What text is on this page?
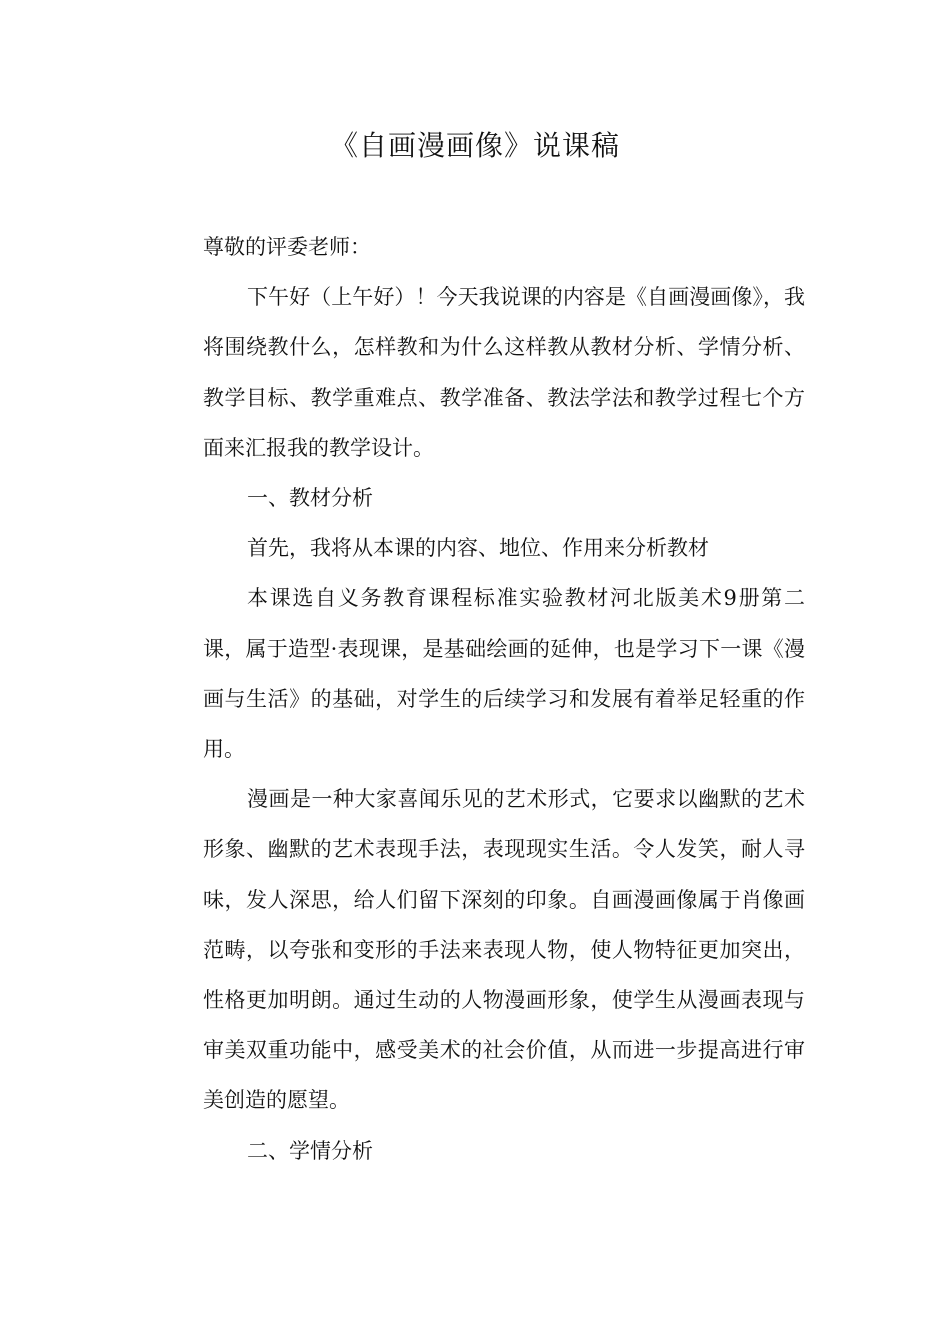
《自画漫画像》说课稿

尊敬的评委老师：

下午好（上午好）！今天我说课的内容是《自画漫画像》，我将围绕教什么，怎样教和为什么这样教从教材分析、学情分析、教学目标、教学重难点、教学准备、教法学法和教学过程七个方面来汇报我的教学设计。

一、教材分析

首先，我将从本课的内容、地位、作用来分析教材

本课选自义务教育课程标准实验教材河北版美术9册第二课，属于造型·表现课，是基础绘画的延伸，也是学习下一课《漫画与生活》的基础，对学生的后续学习和发展有着举足轻重的作用。

漫画是一种大家喜闻乐见的艺术形式，它要求以幽默的艺术形象、幽默的艺术表现手法，表现现实生活。令人发笑，耐人寻味，发人深思，给人们留下深刻的印象。自画漫画像属于肖像画范畴，以夸张和变形的手法来表现人物，使人物特征更加突出，性格更加明朗。通过生动的人物漫画形象，使学生从漫画表现与审美双重功能中，感受美术的社会价值，从而进一步提高进行审美创造的愿望。

二、学情分析
